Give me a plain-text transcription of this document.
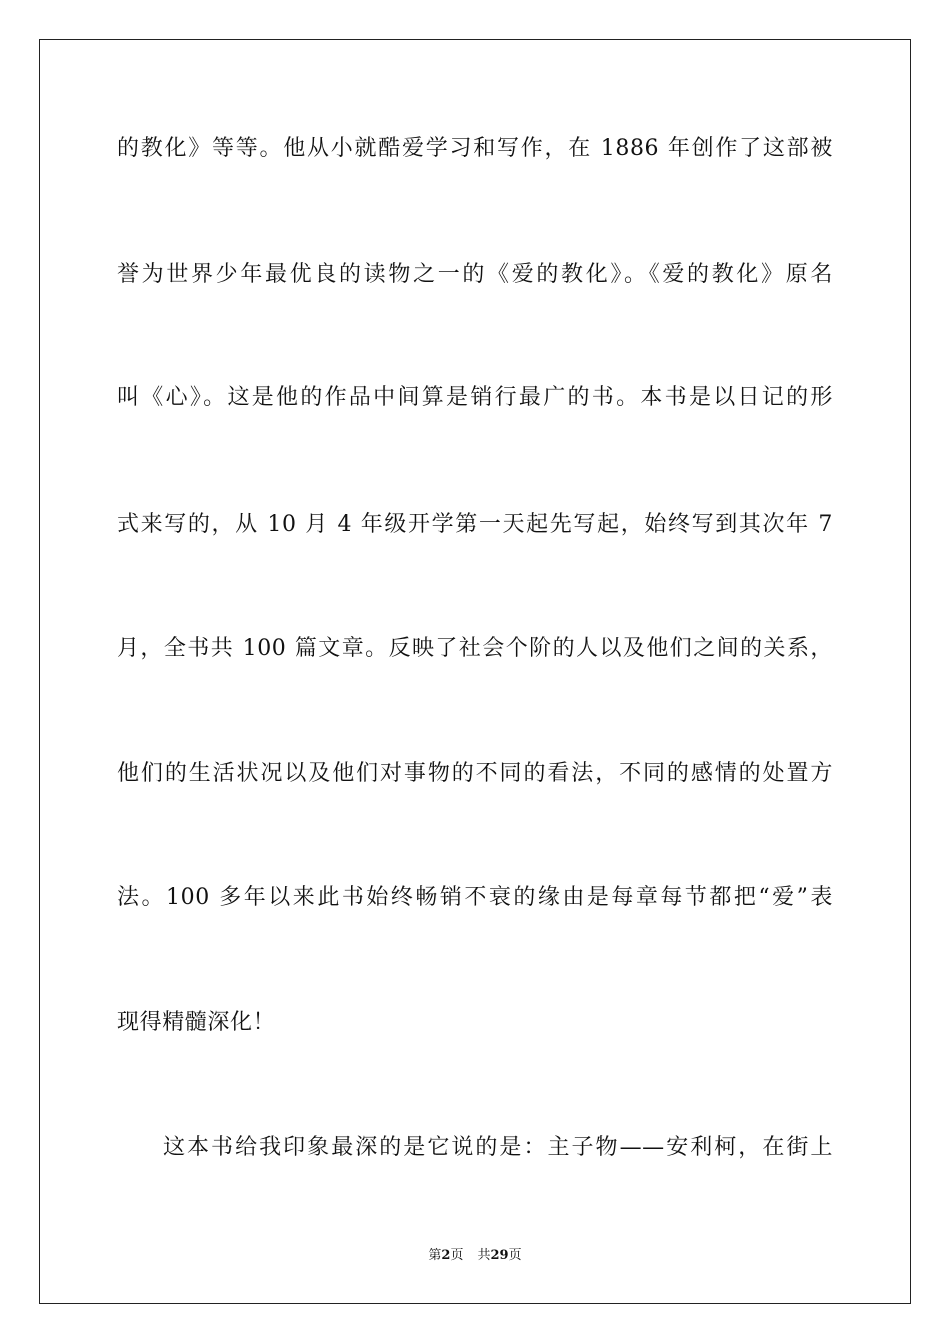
的教化》等等。他从小就酷爱学习和写作，在 1886 年创作了这部被
誉为世界少年最优良的读物之一的《爱的教化》。《爱的教化》原名
叫《心》。这是他的作品中间算是销行最广的书。本书是以日记的形
式来写的，从 10 月 4 年级开学第一天起先写起，始终写到其次年 7
月，全书共 100 篇文章。反映了社会个阶的人以及他们之间的关系，
他们的生活状况以及他们对事物的不同的看法，不同的感情的处置方
法。100 多年以来此书始终畅销不衰的缘由是每章每节都把“爱”表
现得精髓深化！
这本书给我印象最深的是它说的是：主子物——安利柯，在街上
第2页 共29页
